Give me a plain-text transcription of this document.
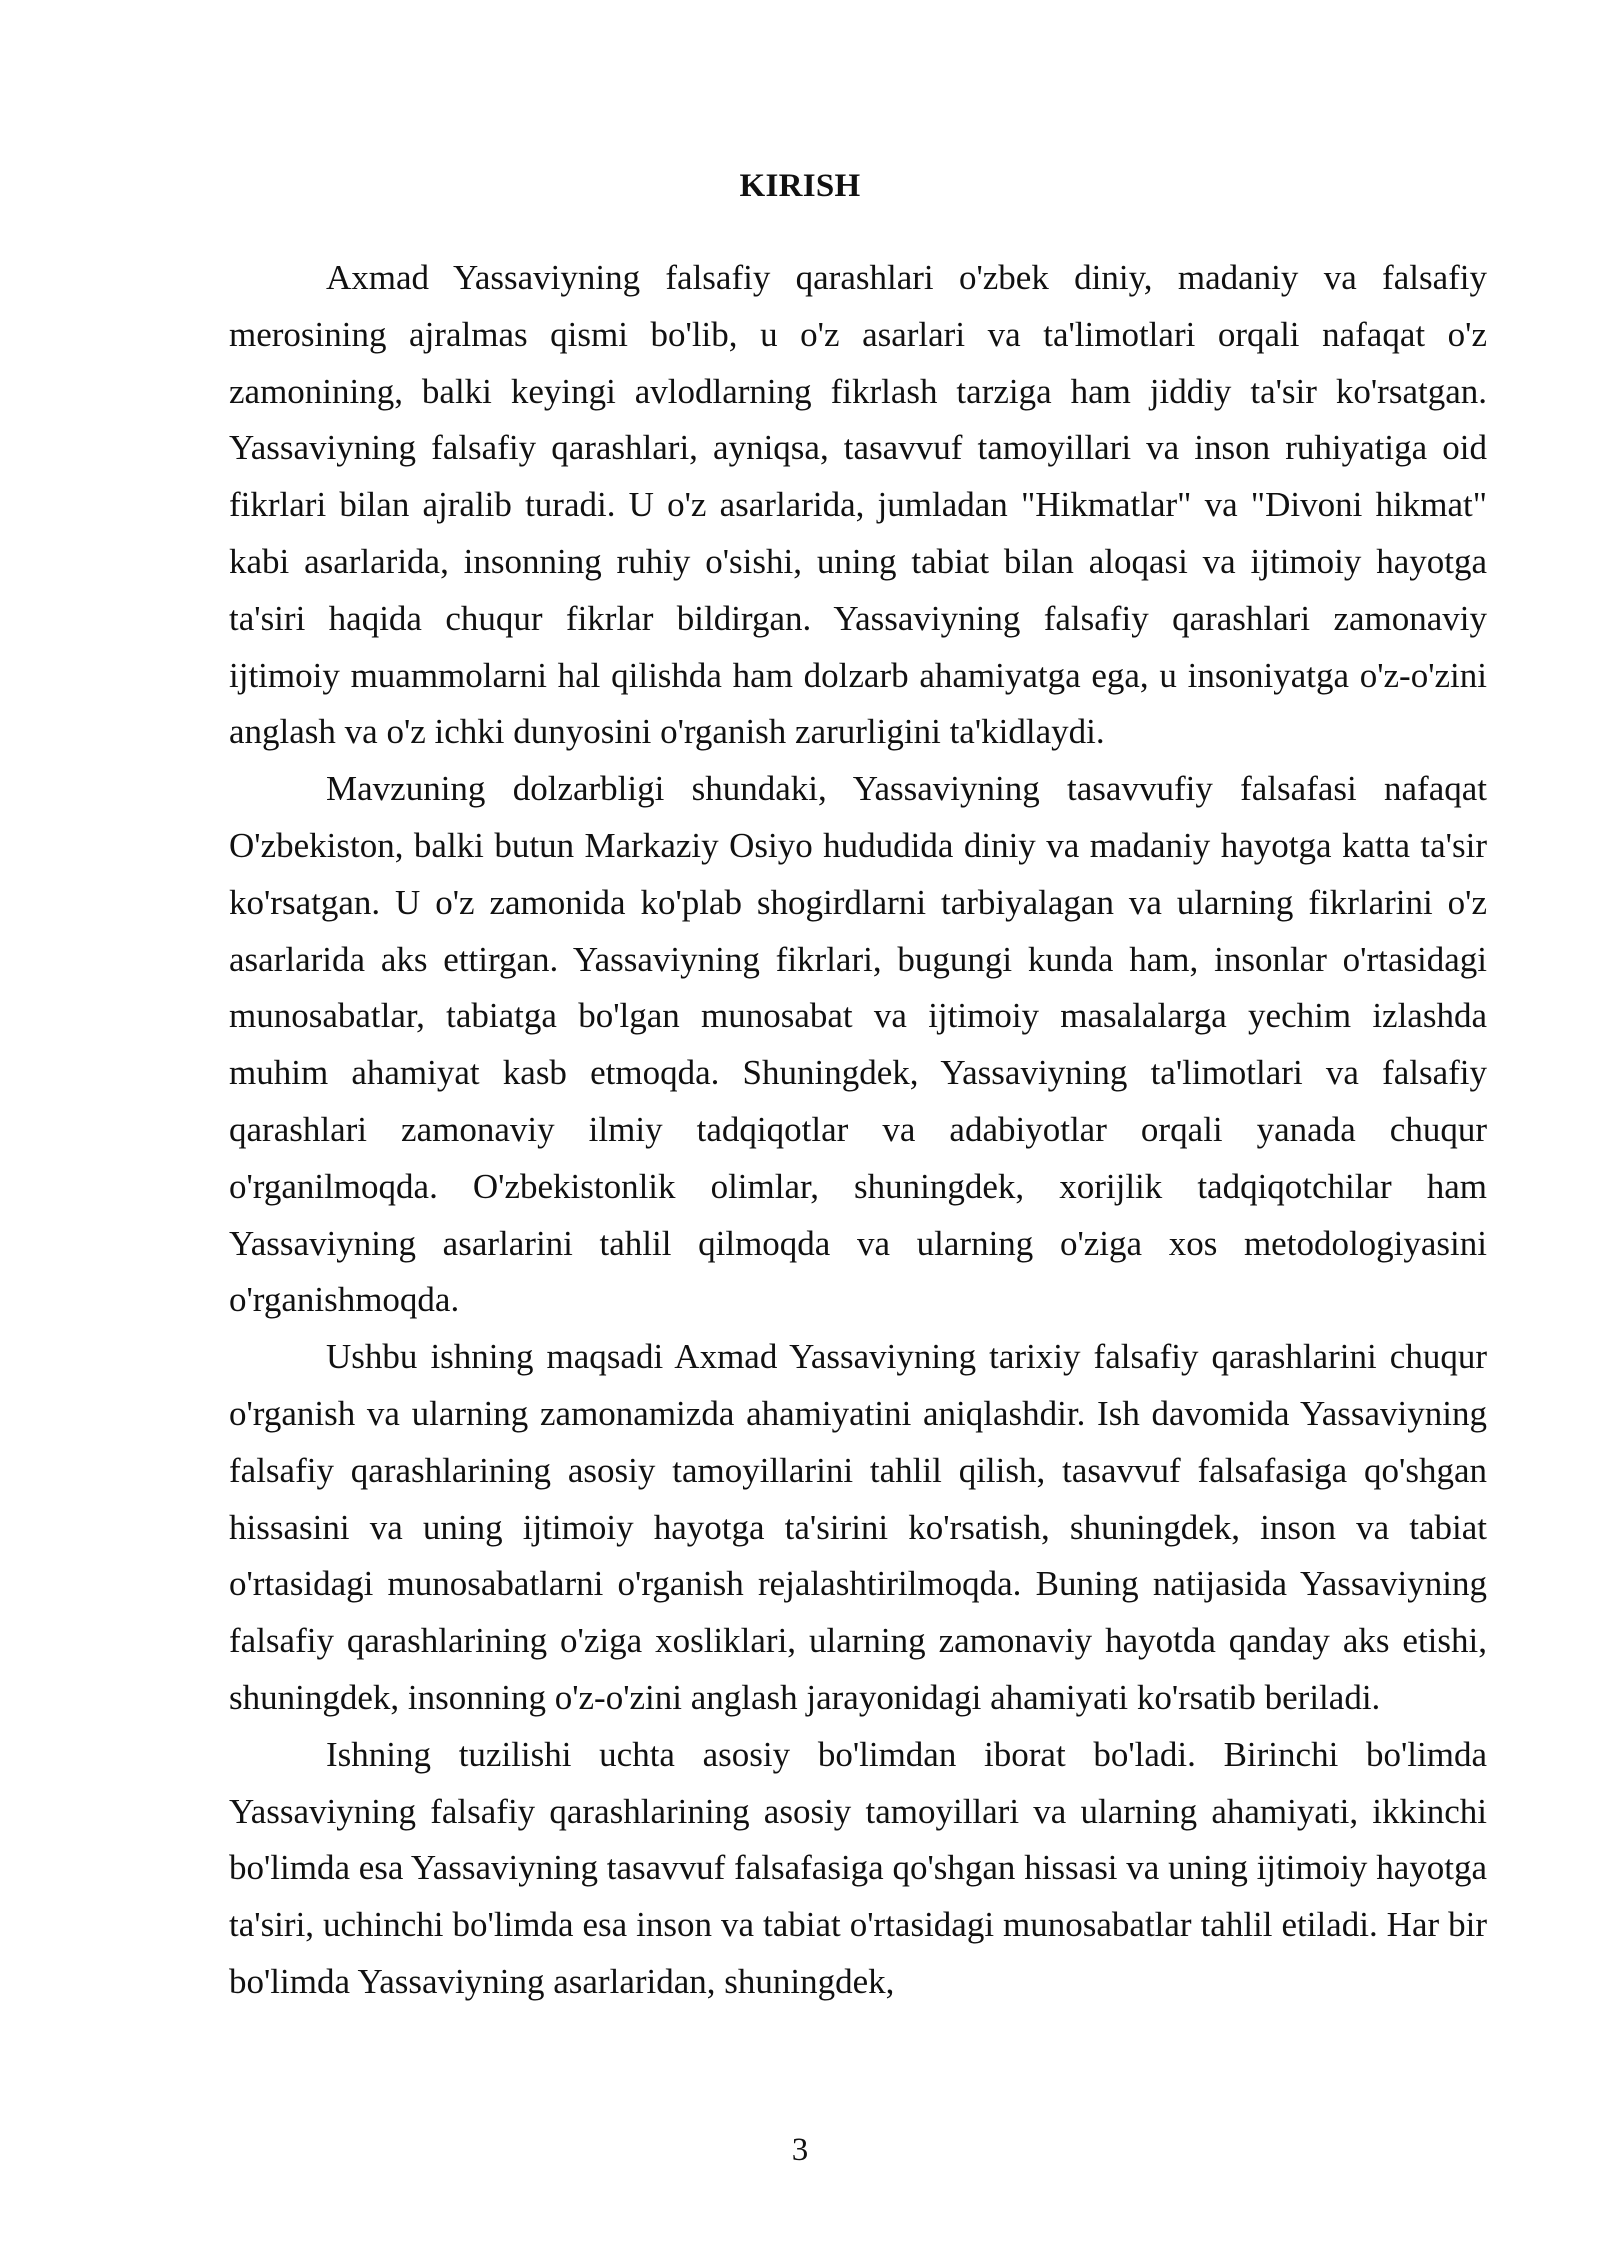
KIRISH

Axmad Yassaviyning falsafiy qarashlari o'zbek diniy, madaniy va falsafiy merosining ajralmas qismi bo'lib, u o'z asarlari va ta'limotlari orqali nafaqat o'z zamonining, balki keyingi avlodlarning fikrlash tarziga ham jiddiy ta'sir ko'rsatgan. Yassaviyning falsafiy qarashlari, ayniqsa, tasavvuf tamoyillari va inson ruhiyatiga oid fikrlari bilan ajralib turadi. U o'z asarlarida, jumladan "Hikmatlar" va "Divoni hikmat" kabi asarlarida, insonning ruhiy o'sishi, uning tabiat bilan aloqasi va ijtimoiy hayotga ta'siri haqida chuqur fikrlar bildirgan. Yassaviyning falsafiy qarashlari zamonaviy ijtimoiy muammolarni hal qilishda ham dolzarb ahamiyatga ega, u insoniyatga o'z-o'zini anglash va o'z ichki dunyosini o'rganish zarurligini ta'kidlaydi.

Mavzuning dolzarbligi shundaki, Yassaviyning tasavvufiy falsafasi nafaqat O'zbekiston, balki butun Markaziy Osiyo hududida diniy va madaniy hayotga katta ta'sir ko'rsatgan. U o'z zamonida ko'plab shogirdlarni tarbiyalagan va ularning fikrlarini o'z asarlarida aks ettirgan. Yassaviyning fikrlari, bugungi kunda ham, insonlar o'rtasidagi munosabatlar, tabiatga bo'lgan munosabat va ijtimoiy masalalarga yechim izlashda muhim ahamiyat kasb etmoqda. Shuningdek, Yassaviyning ta'limotlari va falsafiy qarashlari zamonaviy ilmiy tadqiqotlar va adabiyotlar orqali yanada chuqur o'rganilmoqda. O'zbekistonlik olimlar, shuningdek, xorijlik tadqiqotchilar ham Yassaviyning asarlarini tahlil qilmoqda va ularning o'ziga xos metodologiyasini o'rganishmoqda.

Ushbu ishning maqsadi Axmad Yassaviyning tarixiy falsafiy qarashlarini chuqur o'rganish va ularning zamonamizda ahamiyatini aniqlashdir. Ish davomida Yassaviyning falsafiy qarashlarining asosiy tamoyillarini tahlil qilish, tasavvuf falsafasiga qo'shgan hissasini va uning ijtimoiy hayotga ta'sirini ko'rsatish, shuningdek, inson va tabiat o'rtasidagi munosabatlarni o'rganish rejalashtirilmoqda. Buning natijasida Yassaviyning falsafiy qarashlarining o'ziga xosliklari, ularning zamonaviy hayotda qanday aks etishi, shuningdek, insonning o'z-o'zini anglash jarayonidagi ahamiyati ko'rsatib beriladi.

Ishning tuzilishi uchta asosiy bo'limdan iborat bo'ladi. Birinchi bo'limda Yassaviyning falsafiy qarashlarining asosiy tamoyillari va ularning ahamiyati, ikkinchi bo'limda esa Yassaviyning tasavvuf falsafasiga qo'shgan hissasi va uning ijtimoiy hayotga ta'siri, uchinchi bo'limda esa inson va tabiat o'rtasidagi munosabatlar tahlil etiladi. Har bir bo'limda Yassaviyning asarlaridan, shuningdek,

3
